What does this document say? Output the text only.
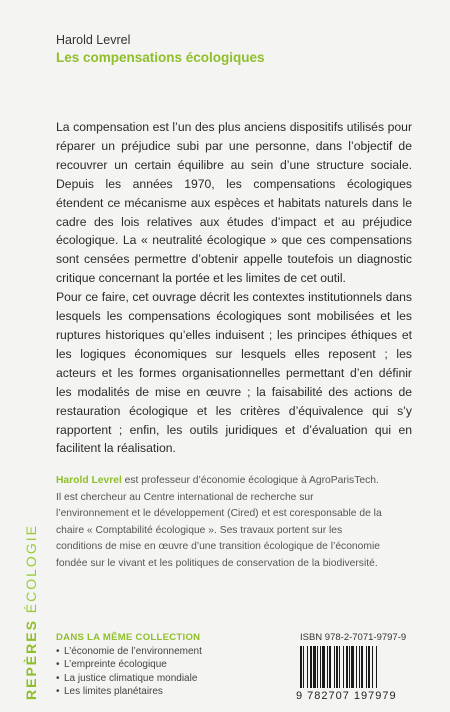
REPÈRES ÉCOLOGIE
Harold Levrel
Les compensations écologiques

La compensation est l’un des plus anciens dispositifs utilisés pour réparer un préjudice subi par une personne, dans l’objectif de recouvrer un certain équilibre au sein d’une structure sociale. Depuis les années 1970, les compensations écologiques étendent ce mécanisme aux espèces et habitats naturels dans le cadre des lois relatives aux études d’impact et au préjudice écologique. La « neutralité écologique » que ces compensations sont censées permettre d’obtenir appelle toutefois un diagnostic critique concernant la portée et les limites de cet outil.

Pour ce faire, cet ouvrage décrit les contextes institutionnels dans lesquels les compensations écologiques sont mobilisées et les ruptures historiques qu’elles induisent ; les principes éthiques et les logiques économiques sur lesquels elles reposent ; les acteurs et les formes organisationnelles permettant d’en définir les modalités de mise en œuvre ; la faisabilité des actions de restauration écologique et les critères d’équivalence qui s’y rapportent ; enfin, les outils juridiques et d’évaluation qui en facilitent la réalisation.

Harold Levrel est professeur d’économie écologique à AgroParisTech. Il est chercheur au Centre international de recherche sur l’environnement et le développement (Cired) et est coresponsable de la chaire « Comptabilité écologique ». Ses travaux portent sur les conditions de mise en œuvre d’une transition écologique de l’économie fondée sur le vivant et les politiques de conservation de la biodiversité.
DANS LA MÊME COLLECTION
• L’économie de l’environnement
• L’empreinte écologique
• La justice climatique mondiale
• Les limites planétaires
ISBN 978-2-7071-9797-9
9 782707 197979
